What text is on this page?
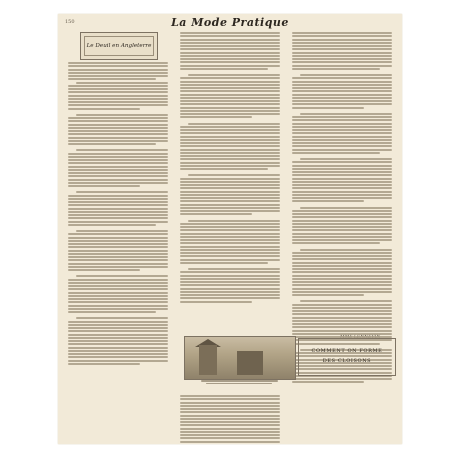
150	La Mode Pratique
Le Deuil en Angleterre
COMMENT ON FORME
DES CLOISONS
